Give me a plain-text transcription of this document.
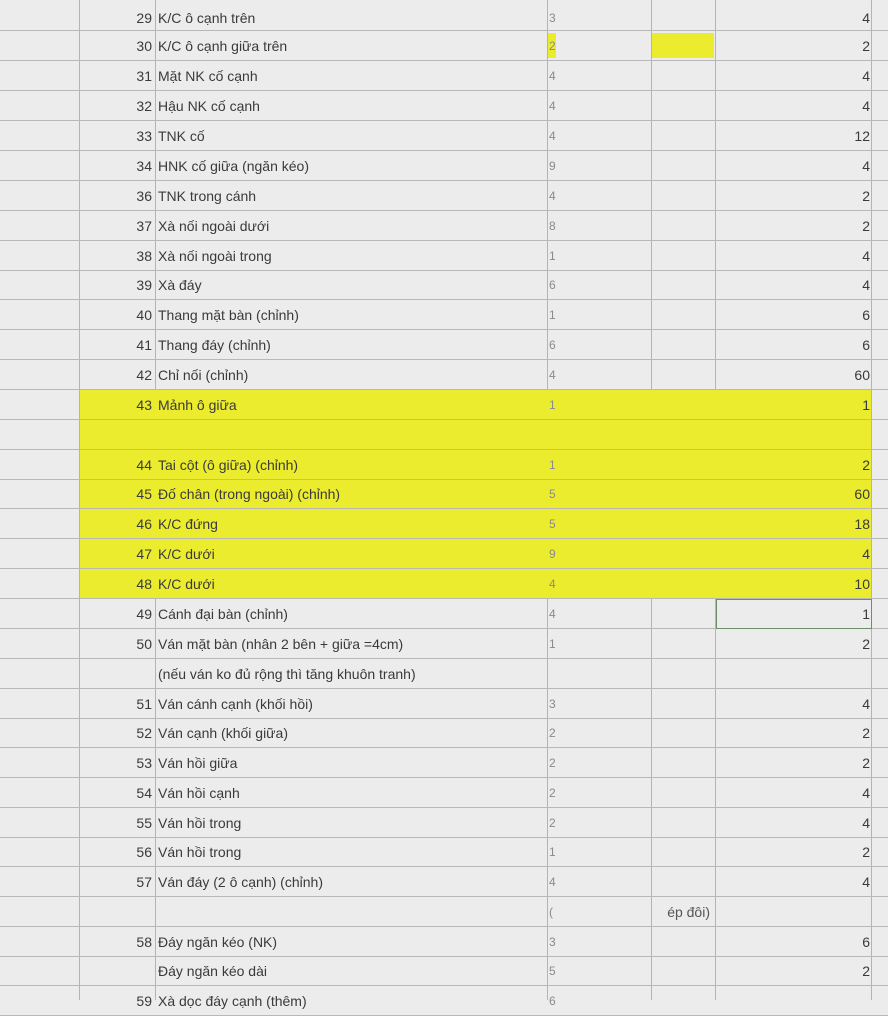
29 K/C ô cạnh trên	3	4
30 K/C ô cạnh giữa trên	2	2
31 Mặt NK cố cạnh	4	4
32 Hậu NK cố cạnh	4	4
33 TNK cố	4	12
34 HNK cố giữa (ngăn kéo)	9	4
36 TNK trong cánh	4	2
37 Xà nối ngoài dưới	8	2
38 Xà nối ngoài trong	1	4
39 Xà đáy	6	4
40 Thang mặt bàn (chỉnh)	1	6
41 Thang đáy (chỉnh)	6	6
42 Chỉ nối (chỉnh)	4	60
43 Mảnh ô giữa	1	1
44 Tai cột (ô giữa) (chỉnh)	1	2
45 Đố chân (trong ngoài) (chỉnh)	5	60
46 K/C đứng	5	18
47 K/C dưới	9	4
48 K/C dưới	4	10
49 Cánh đại bàn (chỉnh)	4	1
50 Ván mặt bàn (nhân 2 bên + giữa =4cm)	1	2
(nếu ván ko đủ rộng thì tăng khuôn tranh)
51 Ván cánh cạnh (khối hồi)	3	4
52 Ván cạnh (khối giữa)	2	2
53 Ván hồi giữa	2	2
54 Ván hồi cạnh	2	4
55 Ván hồi trong	2	4
56 Ván hồi trong	1	2
57 Ván đáy (2 ô cạnh) (chỉnh)	4	4
(	ép đôi)
58 Đáy ngăn kéo (NK)	3	6
Đáy ngăn kéo dài	5	2
59 Xà dọc đáy cạnh (thêm)	6
